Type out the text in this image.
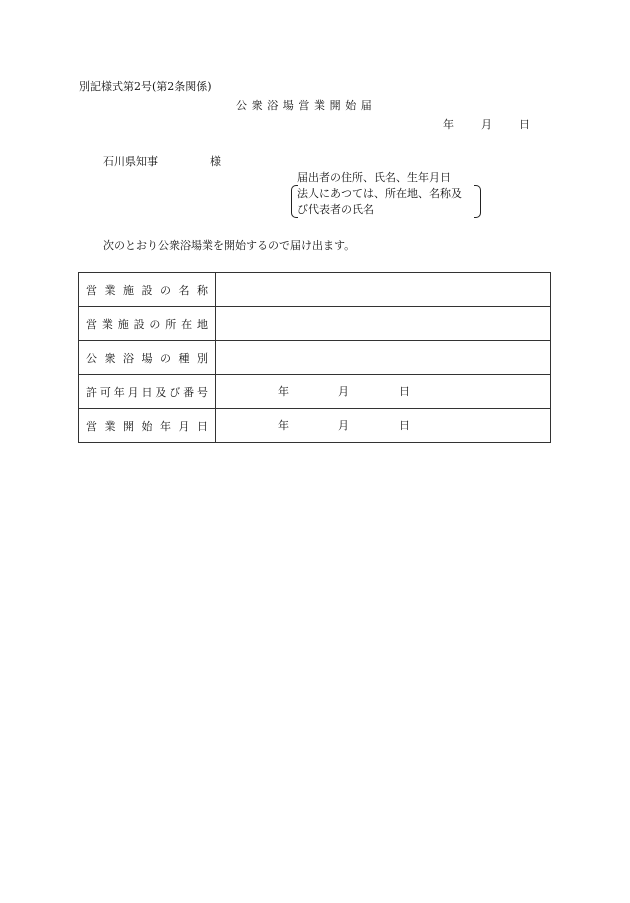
別記様式第2号(第2条関係)
公衆浴場営業開始届
年 月 日
石川県知事	様
届出者の住所、氏名、生年月日
法人にあつては、所在地、名称及
び代表者の氏名
次のとおり公衆浴場業を開始するので届け出ます。
営業施設の名称	
営業施設の所在地	
公衆浴場の種別	
許可年月日及び番号	年 月 日

営業開始年月日	年 月 日
